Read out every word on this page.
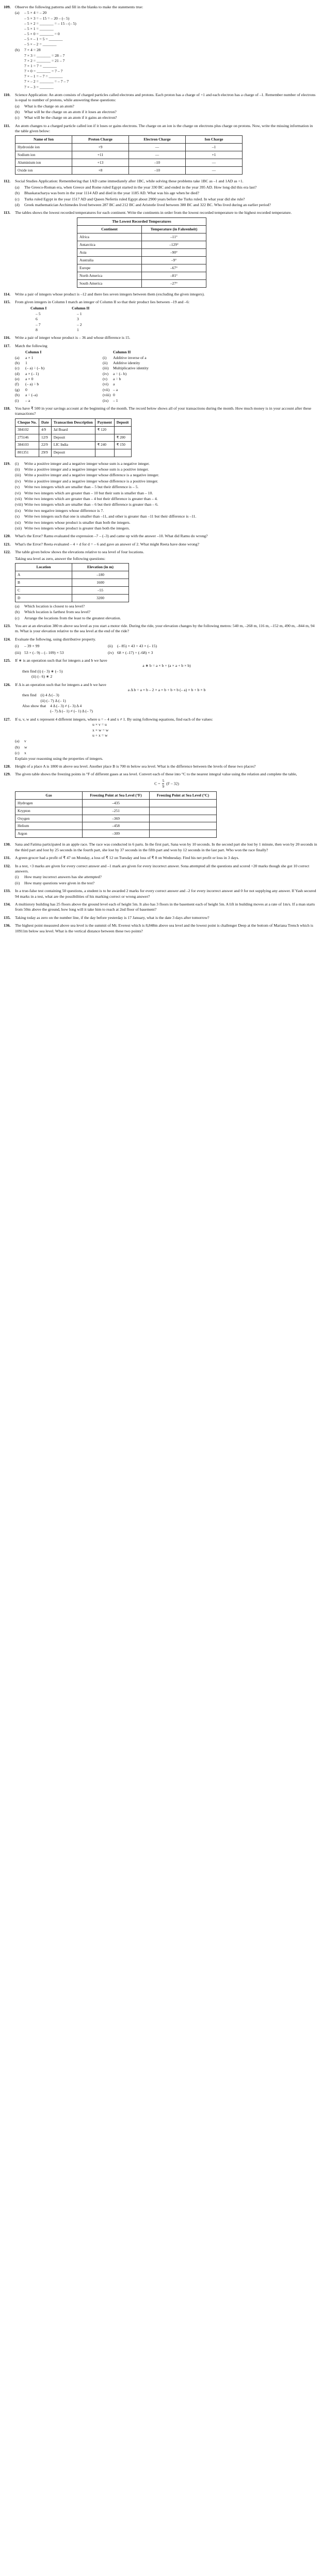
109.	Observe the following patterns and fill in the blanks to make the statements true:

(a)	– 5 × 4 = – 20
– 5 × 3 = – 15 = – 20 – (– 5)
– 5 × 2 = _______ = – 15 – (– 5)
– 5 × 1 = _______
– 5 × 0 = _______ = 0
– 5 × – 1 = 5 = _______
– 5 × – 2 = _______
(b)	7 × 4 = 28
7 × 3 = _______ = 28 – 7
7 × 2 = _______ = 21 – 7
7 × 1 = 7 = _______
7 × 0 = _______ = 7 – 7
7 × – 1 = – 7 = _______
7 × – 2 = _______ = – 7 – 7
7 × – 3 = _______
110.	Science Application: An atom consists of charged particles called electrons and protons. Each proton has a charge of +1 and each electron has a charge of –1. Remember number of electrons is equal to number of protons, while answering these questions:

(a)	What is the charge on an atom?
(b)	What will be the charge on an atom if it loses an electron?
(c)	What will be the charge on an atom if it gains an electron?
111.	An atom changes to a charged particle called ion if it loses or gains electrons. The charge on an ion is the charge on electrons plus charge on protons. Now, write the missing information in the table given below:

Name of Ion	Proton Charge	Electron Charge	Ion Charge
Hydroxide ion	+9	—	–1
Sodium ion	+11	—	+1
Aluminium ion	+13	–10	—
Oxide ion	+8	–10	—
112.	Social Studies Application: Remembering that 1AD came immediately after 1BC, while solving these problems take 1BC as –1 and 1AD as +1.

(a)	The Greeco-Roman era, when Greece and Rome ruled Egypt started in the year 330 BC and ended in the year 395 AD. How long did this era last?
(b)	Bhaskaracharya was born in the year 1114 AD and died in the year 1185 AD. What was his age when he died?
(c)	Turks ruled Egypt in the year 1517 AD and Queen Nefertis ruled Egypt about 2900 years before the Turks ruled. In what year did she rule?
(d)	Greek mathematician Archimedes lived between 287 BC and 212 BC and Aristotle lived between 380 BC and 322 BC. Who lived during an earlier period?
113.	The tables shows the lowest recorded temperatures for each continent. Write the continents in order from the lowest recorded temperature to the highest recorded temperature.

The Lowest Recorded Temperatures	
Continent	Temperature (in Fahrenheit)
Africa	–11°
Antarctica	–129°
Asia	–90°
Australia	–9°
Europe	–67°
North America	–81°
South America	–27°
114.	Write a pair of integers whose product is –12 and there lies seven integers between them (excluding the given integers).

115.	From given integers in Column I match an integer of Column II so that their product lies between –19 and –6:

Column I	Column II
– 5	– 1
6	3
– 7	– 2
8	1
116.	Write a pair of integer whose product is – 36 and whose difference is 15.

117.	Match the following

Column I	Column II
(a)	a × 1	(i)	Additive inverse of a
(b)	1	(ii)	Additive identity
(c)	(– a) ÷ (– b)	(iii)	Multiplicative identity
(d)	a × (– 1)	(iv)	a ÷ (– b)
(e)	a × 0	(v)	a ÷ b
(f)	(– a) ÷ b	(vi)	a
(g)	0	(vii) – a
(h)	a ÷ (–a)	(viii) 0
(i)	– a	(ix)	– 1
118.	You have ₹ 500 in your savings account at the beginning of the month. The record below shows all of your transactions during the month. How much money is in your account after these transactions?

Cheque No.	Date	Transaction Description	Payment	Deposit
384102	4/9	Jal Board	₹ 120	
275146	12/9	Deposit		₹ 200
384103	22/9	LIC India	₹ 240	₹ 150
801351	29/9	Deposit		
119.	(i)	Write a positive integer and a negative integer whose sum is a negative integer.
(ii)	Write a positive integer and a negative integer whose sum is a positive integer.
(iii) Write a positive integer and a negative integer whose difference is a negative integer.
(iv) Write a positive integer and a negative integer whose difference is a positive integer.
(v)	Write two integers which are smaller than – 5 but their difference is – 5.
(vi) Write two integers which are greater than – 10 but their sum is smaller than – 10.
(vii) Write two integers which are greater than – 4 but their difference is greater than – 4.
(viii) Write two integers which are smaller than – 6 but their difference is greater than – 6.
(ix) Write two negative integers whose difference is 7.
(x)	Write two integers such that one is smaller than –11, and other is greater than –11 but their difference is –11.
(xi) Write two integers whose product is smaller than both the integers.
(xii) Write two integers whose product is greater than both the integers.
120.	What's the Error? Ramu evaluated the expression –7 – (–3) and came up with the answer –10. What did Ramu do wrong?

121.	What's the Error? Reeta evaluated – 4 + d for d = – 6 and gave an answer of 2. What might Reeta have done wrong?

122.	The table given below shows the elevations relative to sea level of four locations.

Taking sea level as zero, answer the following questions:

Location	Elevation (in m)
A	–180
B	1600
C	–55
D	3200
(a)	Which location is closest to sea level?
(b)	Which location is farthest from sea level?
(c)	Arrange the locations from the least to the greatest elevation.
123.	You are at an elevation 380 m above sea level as you start a motor ride. During the ride, your elevation changes by the following metres: 540 m, –268 m, 116 m, –152 m, 490 m, –844 m, 94 m. What is your elevation relative to the sea level at the end of the ride?

124.	Evaluate the following, using distributive property.

(i)	– 39 × 99	(ii)	(– 85) × 43 + 43 × (– 15)
(iii) 53 × (– 9) – (– 109) × 53	(iv) 68 × (–17) + (–68) × 3
125.	If ∗ is an operation such that for integers a and b we have

a ∗ b = a × b + (a × a + b × b)

then find (i) (– 3) ∗ (– 5)

(ii) (– 6) ∗ 2

126.	If Δ is an operation such that for integers a and b we have

a Δ b = a × b – 2 × a × b + b × b (– a) × b + b × b

then find (i) 4 Δ (– 3)
(ii) (– 7) Δ (– 1)
Also show that 4 Δ (– 3) ≠ (– 3) Δ 4
(– 7) Δ (– 1) ≠ (– 1) Δ (– 7)
127.	If u, v, w and x represent 4 different integers, where u = – 4 and x ≠ 1. By using following equations, find each of the values:

u × v = u
x × w = w
u + x = w
(a)	v
(b)	w
(c)	x

Explain your reasoning using the properties of integers.

128.	Height of a place A is 1800 m above sea level. Another place B is 700 m below sea level. What is the difference between the levels of these two places?

129.	The given table shows the freezing points in °F of different gases at sea level. Convert each of these into °C to the nearest integral value using the relation and complete the table,

$C = \frac{5}{9} (F - 32)$
Gas	Freezing Point at Sea Level (°F)	Freezing Point at Sea Level (°C)
Hydrogen	–435	
Krypton	–251	
Oxygen	–369	
Helium	–458	
Argon	–309	
130.	Sana and Fatima participated in an apple race. The race was conducted in 6 parts. In the first part, Sana won by 10 seconds. In the second part she lost by 1 minute, then won by 20 seconds in the third part and lost by 25 seconds in the fourth part, she lost by 37 seconds in the fifth part and won by 12 seconds in the last part. Who won the race finally?

131.	A green grocer had a profit of ₹ 47 on Monday, a loss of ₹ 12 on Tuesday and loss of ₹ 8 on Wednesday. Find his net profit or loss in 3 days.

132.	In a test, +3 marks are given for every correct answer and –1 mark are given for every incorrect answer. Sona attempted all the questions and scored +20 marks though she got 10 correct answers.

(i)	How many incorrect answers has she attempted?
(ii)	How many questions were given in the test?
133.	In a true-false test containing 50 questions, a student is to be awarded 2 marks for every correct answer and –2 for every incorrect answer and 0 for not supplying any answer. If Yash secured 94 marks in a test, what are the possibilities of his marking correct or wrong answer?

134.	A multistory building has 25 floors above the ground level each of height 5m. It also has 3 floors in the basement each of height 5m. A lift in building moves at a rate of 1m/s. If a man starts from 50m above the ground, how long will it take him to reach at 2nd floor of basement?

135.	Taking today as zero on the number line, if the day before yesterday is 17 January, what is the date 3 days after tomorrow?

136.	The highest point measured above sea level is the summit of Mt. Everest which is 8,848m above sea level and the lowest point is challenger Deep at the bottom of Mariana Trench which is 10911m below sea level. What is the vertical distance between these two points?
